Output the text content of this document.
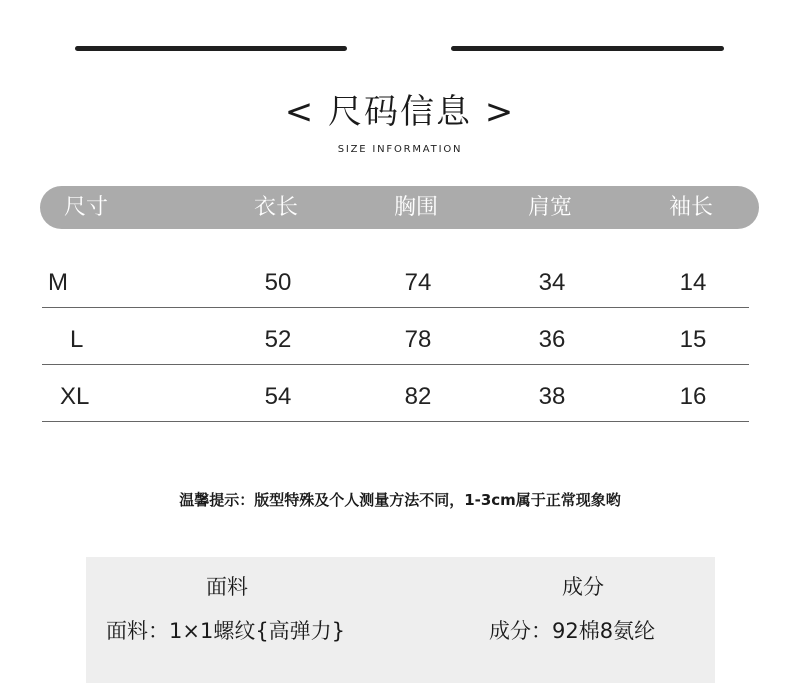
< 尺码信息 >
SIZE INFORMATION
尺寸	衣长	胸围	肩宽	袖长
M	50	74	34	14
L	52	78	36	15
XL	54	82	38	16
温馨提示：版型特殊及个人测量方法不同，1-3cm属于正常现象哟
面料
面料：1×1螺纹{高弹力}
成分
成分：92棉8氨纶
